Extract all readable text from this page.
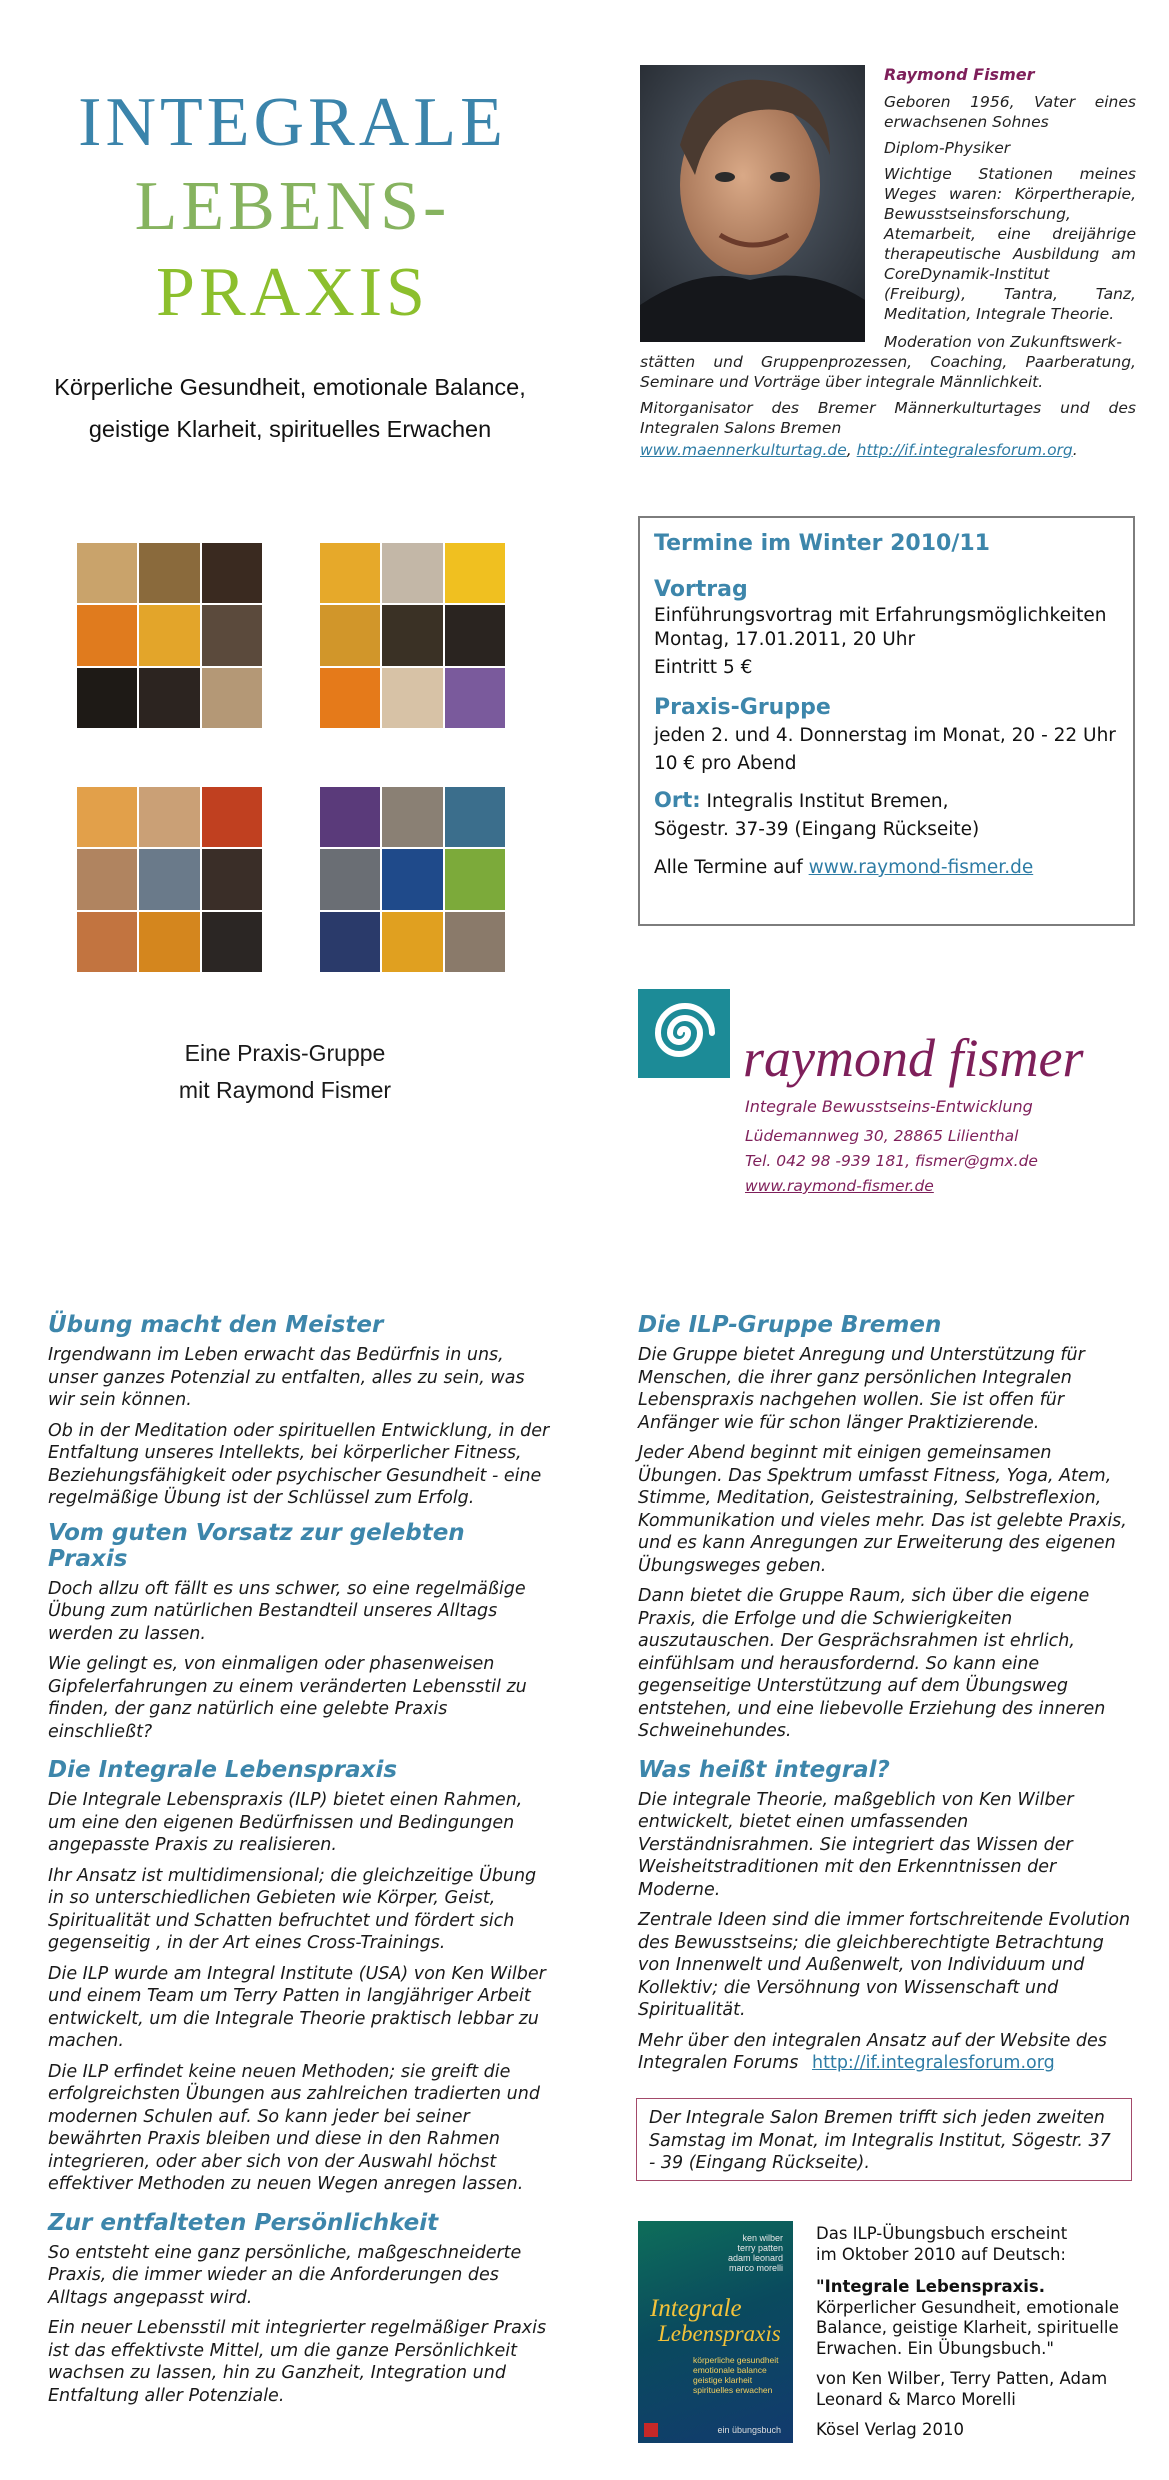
INTEGRALE
LEBENS-
PRAXIS
Körperliche Gesundheit, emotionale Balance,
geistige Klarheit, spirituelles Erwachen
Raymond Fismer

Geboren 1956, Vater eines erwachsenen Sohnes

Diplom-Physiker

Wichtige Stationen meines Weges waren: Körpertherapie, Bewusstseinsforschung, Atemarbeit, eine dreijährige therapeutische Ausbildung am CoreDynamik-Institut (Freiburg), Tantra, Tanz, Meditation, Integrale Theorie.

Moderation von Zukunftswerk-

stätten und Gruppenprozessen, Coaching, Paarberatung, Seminare und Vorträge über integrale Männlichkeit.

Mitorganisator des Bremer Männerkulturtages und des Integralen Salons Bremen

www.maennerkulturtag.de, http://if.integralesforum.org.

Eine Praxis-Gruppe
mit Raymond Fismer
Termine im Winter 2010/11
Vortrag
Einführungsvortrag mit Erfahrungsmöglichkeiten
Montag, 17.01.2011, 20 Uhr
Eintritt 5 €
Praxis-Gruppe
jeden 2. und 4. Donnerstag im Monat, 20 - 22 Uhr
10 € pro Abend
Ort: Integralis Institut Bremen,
Sögestr. 37-39 (Eingang Rückseite)
Alle Termine auf www.raymond-fismer.de
raymond fismer
Integrale Bewusstseins-Entwicklung
Lüdemannweg 30, 28865 Lilienthal
Tel. 042 98 -939 181, fismer@gmx.de
www.raymond-fismer.de
Übung macht den Meister

Irgendwann im Leben erwacht das Bedürfnis in uns, unser ganzes Potenzial zu entfalten, alles zu sein, was wir sein können.

Ob in der Meditation oder spirituellen Entwicklung, in der Entfaltung unseres Intellekts, bei körperlicher Fitness, Beziehungsfähigkeit oder psychischer Gesundheit - eine regelmäßige Übung ist der Schlüssel zum Erfolg.

Vom guten Vorsatz zur gelebten Praxis

Doch allzu oft fällt es uns schwer, so eine regelmäßige Übung zum natürlichen Bestandteil unseres Alltags werden zu lassen.

Wie gelingt es, von einmaligen oder phasenweisen Gipfelerfahrungen zu einem veränderten Lebensstil zu finden, der ganz natürlich eine gelebte Praxis einschließt?

Die Integrale Lebenspraxis

Die Integrale Lebenspraxis (ILP) bietet einen Rahmen, um eine den eigenen Bedürfnissen und Bedingungen angepasste Praxis zu realisieren.

Ihr Ansatz ist multidimensional; die gleichzeitige Übung in so unterschiedlichen Gebieten wie Körper, Geist, Spiritualität und Schatten befruchtet und fördert sich gegenseitig , in der Art eines Cross-Trainings.

Die ILP wurde am Integral Institute (USA) von Ken Wilber und einem Team um Terry Patten in langjähriger Arbeit entwickelt, um die Integrale Theorie praktisch lebbar zu machen.

Die ILP erfindet keine neuen Methoden; sie greift die erfolgreichsten Übungen aus zahlreichen tradierten und modernen Schulen auf. So kann jeder bei seiner bewährten Praxis bleiben und diese in den Rahmen integrieren, oder aber sich von der Auswahl höchst effektiver Methoden zu neuen Wegen anregen lassen.

Zur entfalteten Persönlichkeit

So entsteht eine ganz persönliche, maßgeschneiderte Praxis, die immer wieder an die Anforderungen des Alltags angepasst wird.

Ein neuer Lebensstil mit integrierter regelmäßiger Praxis ist das effektivste Mittel, um die ganze Persönlichkeit wachsen zu lassen, hin zu Ganzheit, Integration und Entfaltung aller Potenziale.

Die ILP-Gruppe Bremen

Die Gruppe bietet Anregung und Unterstützung für Menschen, die ihrer ganz persönlichen Integralen Lebenspraxis nachgehen wollen. Sie ist offen für Anfänger wie für schon länger Praktizierende.

Jeder Abend beginnt mit einigen gemeinsamen Übungen. Das Spektrum umfasst Fitness, Yoga, Atem, Stimme, Meditation, Geistestraining, Selbstreflexion, Kommunikation und vieles mehr. Das ist gelebte Praxis, und es kann Anregungen zur Erweiterung des eigenen Übungsweges geben.

Dann bietet die Gruppe Raum, sich über die eigene Praxis, die Erfolge und die Schwierigkeiten auszutauschen. Der Gesprächsrahmen ist ehrlich, einfühlsam und herausfordernd. So kann eine gegenseitige Unterstützung auf dem Übungsweg entstehen, und eine liebevolle Erziehung des inneren Schweinehundes.

Was heißt integral?

Die integrale Theorie, maßgeblich von Ken Wilber entwickelt, bietet einen umfassenden Verständnisrahmen. Sie integriert das Wissen der Weisheitstraditionen mit den Erkenntnissen der Moderne.

Zentrale Ideen sind die immer fortschreitende Evolution des Bewusstseins; die gleichberechtigte Betrachtung von Innenwelt und Außenwelt, von Individuum und Kollektiv; die Versöhnung von Wissenschaft und Spiritualität.

Mehr über den integralen Ansatz auf der Website des Integralen Forums http://if.integralesforum.org

Der Integrale Salon Bremen trifft sich jeden zweiten Samstag im Monat, im Integralis Institut, Sögestr. 37 - 39 (Eingang Rückseite).
ken wilber
terry patten
adam leonard
marco morelli
Integrale
Lebenspraxis
körperliche gesundheit
emotionale balance
geistige klarheit
spirituelles erwachen
ein übungsbuch
Das ILP-Übungsbuch erscheint
im Oktober 2010 auf Deutsch:
"Integrale Lebenspraxis. Körperlicher Gesundheit, emotionale Balance, geistige Klarheit, spirituelle Erwachen. Ein Übungsbuch."
von Ken Wilber, Terry Patten, Adam Leonard & Marco Morelli
Kösel Verlag 2010
